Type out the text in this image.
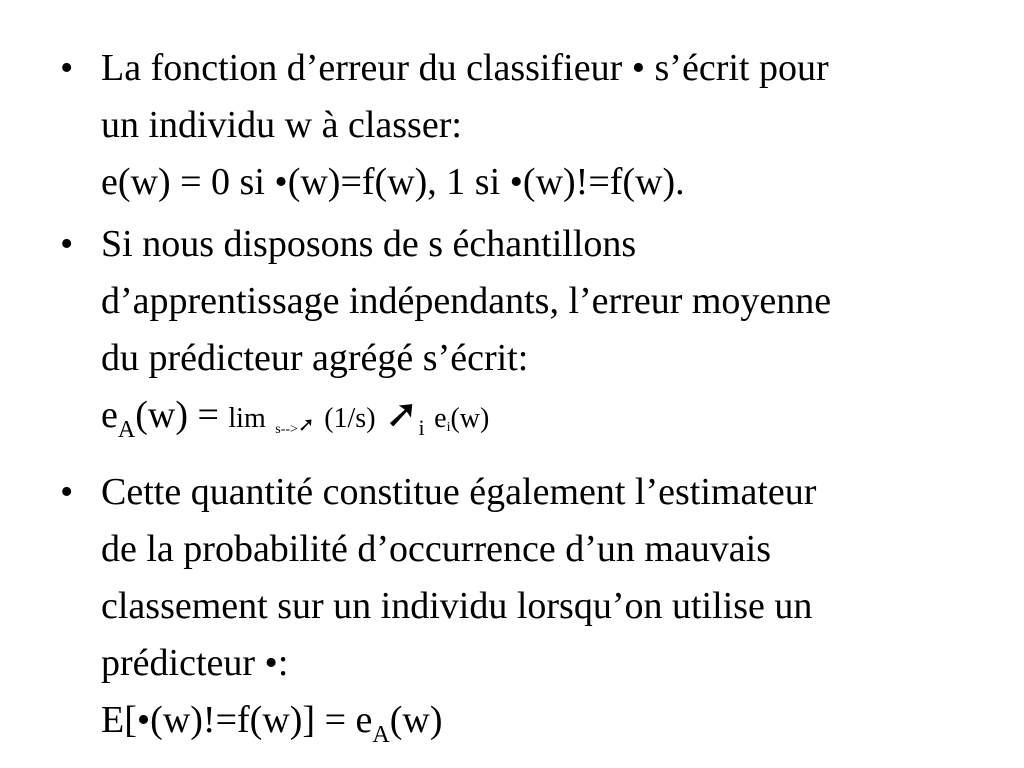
• La fonction d’erreur du classifieur • s’écrit pour
un individu w à classer:
e(w) = 0 si •(w)=f(w), 1 si •(w)!=f(w).
• Si nous disposons de s échantillons
d’apprentissage indépendants, l’erreur moyenne
du prédicteur agrégé s’écrit:
$e_A(w) = \lim$ s-->➚ (1/s) $➚_i$ ei(w)
• Cette quantité constitue également l’estimateur
de la probabilité d’occurrence d’un mauvais
classement sur un individu lorsqu’on utilise un
prédicteur •:
E[•(w)!=f(w)] = $e_A(w)$
